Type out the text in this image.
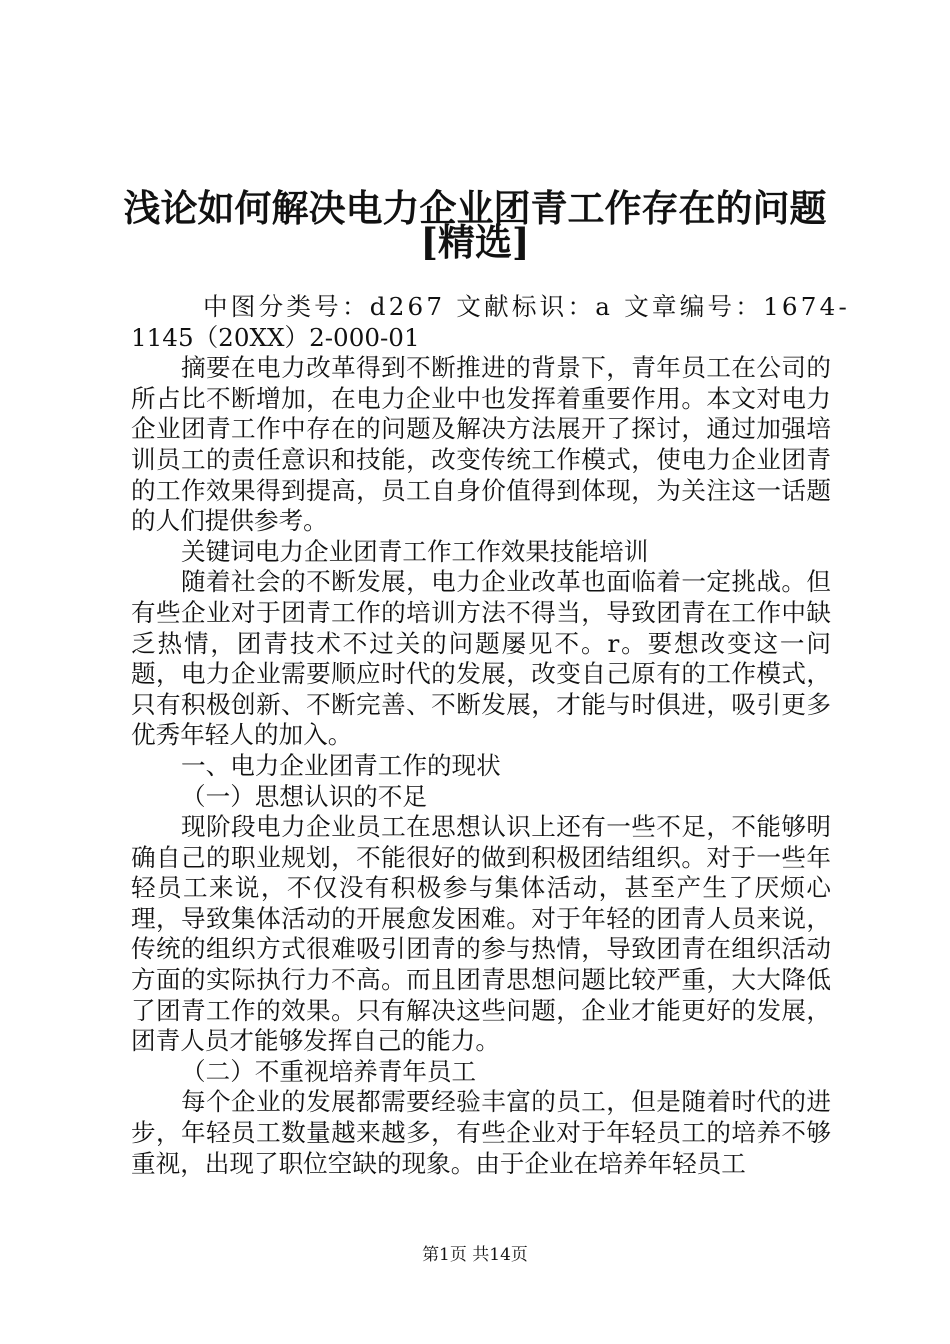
浅论如何解决电力企业团青工作存在的问题
[精选]

中图分类号：d267 文献标识：a 文章编号：1674-

1145（20XX）2-000-01

摘要在电力改革得到不断推进的背景下，青年员工在公司的所占比不断增加，在电力企业中也发挥着重要作用。本文对电力企业团青工作中存在的问题及解决方法展开了探讨，通过加强培训员工的责任意识和技能，改变传统工作模式，使电力企业团青的工作效果得到提高，员工自身价值得到体现，为关注这一话题的人们提供参考。

关键词电力企业团青工作工作效果技能培训

随着社会的不断发展，电力企业改革也面临着一定挑战。但有些企业对于团青工作的培训方法不得当，导致团青在工作中缺乏热情，团青技术不过关的问题屡见不。r。要想改变这一问题，电力企业需要顺应时代的发展，改变自己原有的工作模式，只有积极创新、不断完善、不断发展，才能与时俱进，吸引更多优秀年轻人的加入。

一、电力企业团青工作的现状

（一）思想认识的不足

现阶段电力企业员工在思想认识上还有一些不足，不能够明确自己的职业规划，不能很好的做到积极团结组织。对于一些年轻员工来说，不仅没有积极参与集体活动，甚至产生了厌烦心理，导致集体活动的开展愈发困难。对于年轻的团青人员来说，传统的组织方式很难吸引团青的参与热情，导致团青在组织活动方面的实际执行力不高。而且团青思想问题比较严重，大大降低了团青工作的效果。只有解决这些问题，企业才能更好的发展，团青人员才能够发挥自己的能力。

（二）不重视培养青年员工

每个企业的发展都需要经验丰富的员工，但是随着时代的进步，年轻员工数量越来越多，有些企业对于年轻员工的培养不够重视，出现了职位空缺的现象。由于企业在培养年轻员工

第1页 共14页
